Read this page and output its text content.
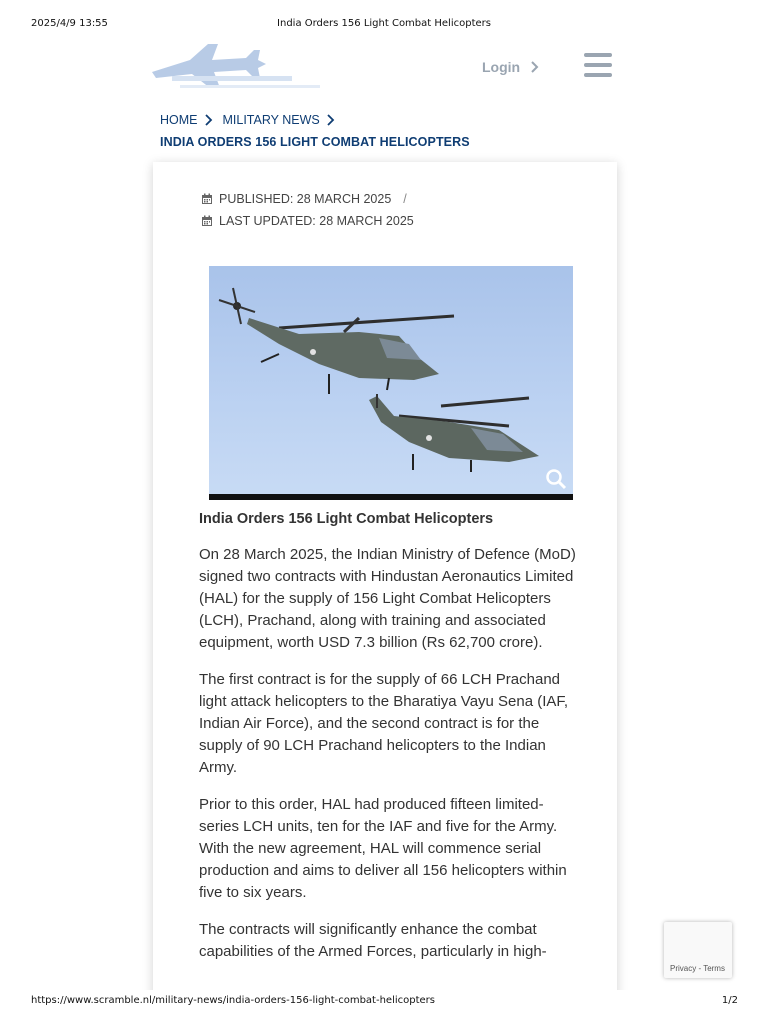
2025/4/9 13:55	India Orders 156 Light Combat Helicopters
Login
HOME MILITARY NEWS
INDIA ORDERS 156 LIGHT COMBAT HELICOPTERS
PUBLISHED: 28 MARCH 2025 /
LAST UPDATED: 28 MARCH 2025
India Orders 156 Light Combat Helicopters

On 28 March 2025, the Indian Ministry of Defence (MoD) signed two contracts with Hindustan Aeronautics Limited (HAL) for the supply of 156 Light Combat Helicopters (LCH), Prachand, along with training and associated equipment, worth USD 7.3 billion (Rs 62,700 crore).

The first contract is for the supply of 66 LCH Prachand light attack helicopters to the Bharatiya Vayu Sena (IAF, Indian Air Force), and the second contract is for the supply of 90 LCH Prachand helicopters to the Indian Army.

Prior to this order, HAL had produced fifteen limited-series LCH units, ten for the IAF and five for the Army. With the new agreement, HAL will commence serial production and aims to deliver all 156 helicopters within five to six years.

The contracts will significantly enhance the combat capabilities of the Armed Forces, particularly in high-

Privacy - Terms
https://www.scramble.nl/military-news/india-orders-156-light-combat-helicopters	1/2
